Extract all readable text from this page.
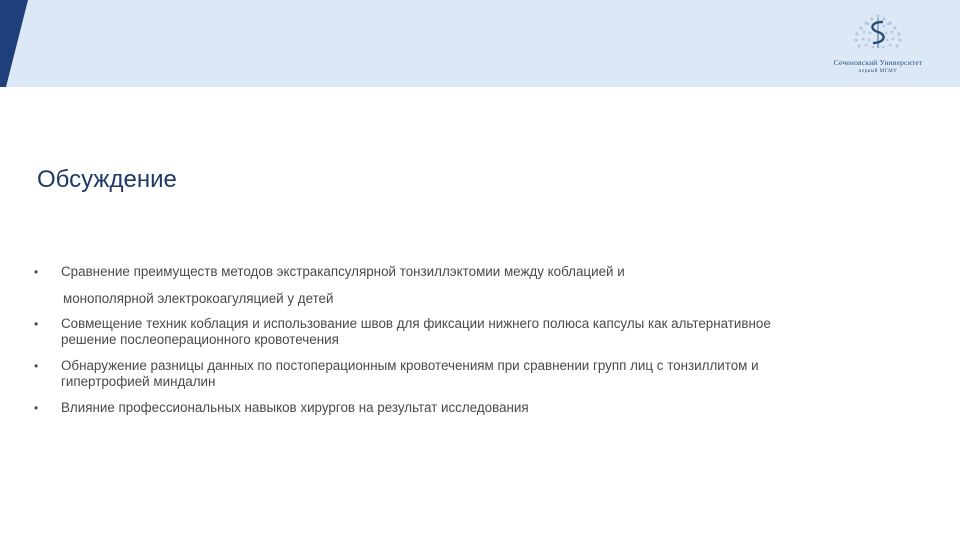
Сеченовский Университет
первый МГМУ
Обсуждение
•	Сравнение преимуществ методов экстракапсулярной тонзиллэктомии между коблацией и
монополярной электрокоагуляцией у детей
•	Совмещение техник коблация и использование швов для фиксации нижнего полюса капсулы как альтернативное
решение послеоперационного кровотечения
•	Обнаружение разницы данных по постоперационным кровотечениям при сравнении групп лиц с тонзиллитом и
гипертрофией миндалин
•	Влияние профессиональных навыков хирургов на результат исследования
